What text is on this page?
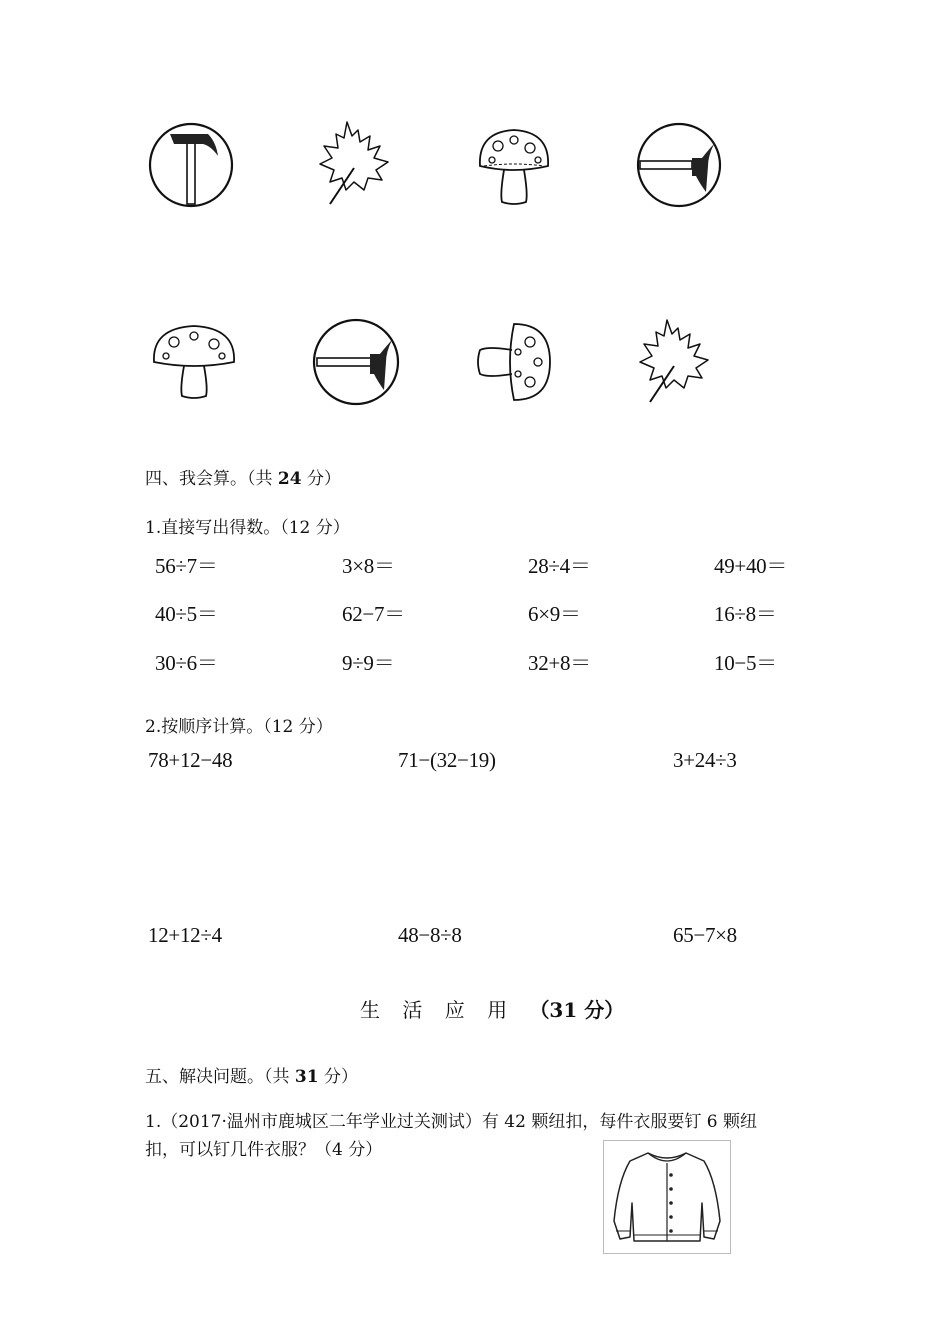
四、我会算。（共 24 分）
1.直接写出得数。（12 分）
56÷7＝	3×8＝	28÷4＝	49+40＝
40÷5＝	62−7＝	6×9＝	16÷8＝
30÷6＝	9÷9＝	32+8＝	10−5＝
2.按顺序计算。（12 分）
78+12−48	71−(32−19)	3+24÷3
12+12÷4	48−8÷8	65−7×8
生 活 应 用 （31 分）
五、解决问题。（共 31 分）
1.（2017·温州市鹿城区二年学业过关测试）有 42 颗纽扣，每件衣服要钉 6 颗纽
扣，可以钉几件衣服？（4 分）
